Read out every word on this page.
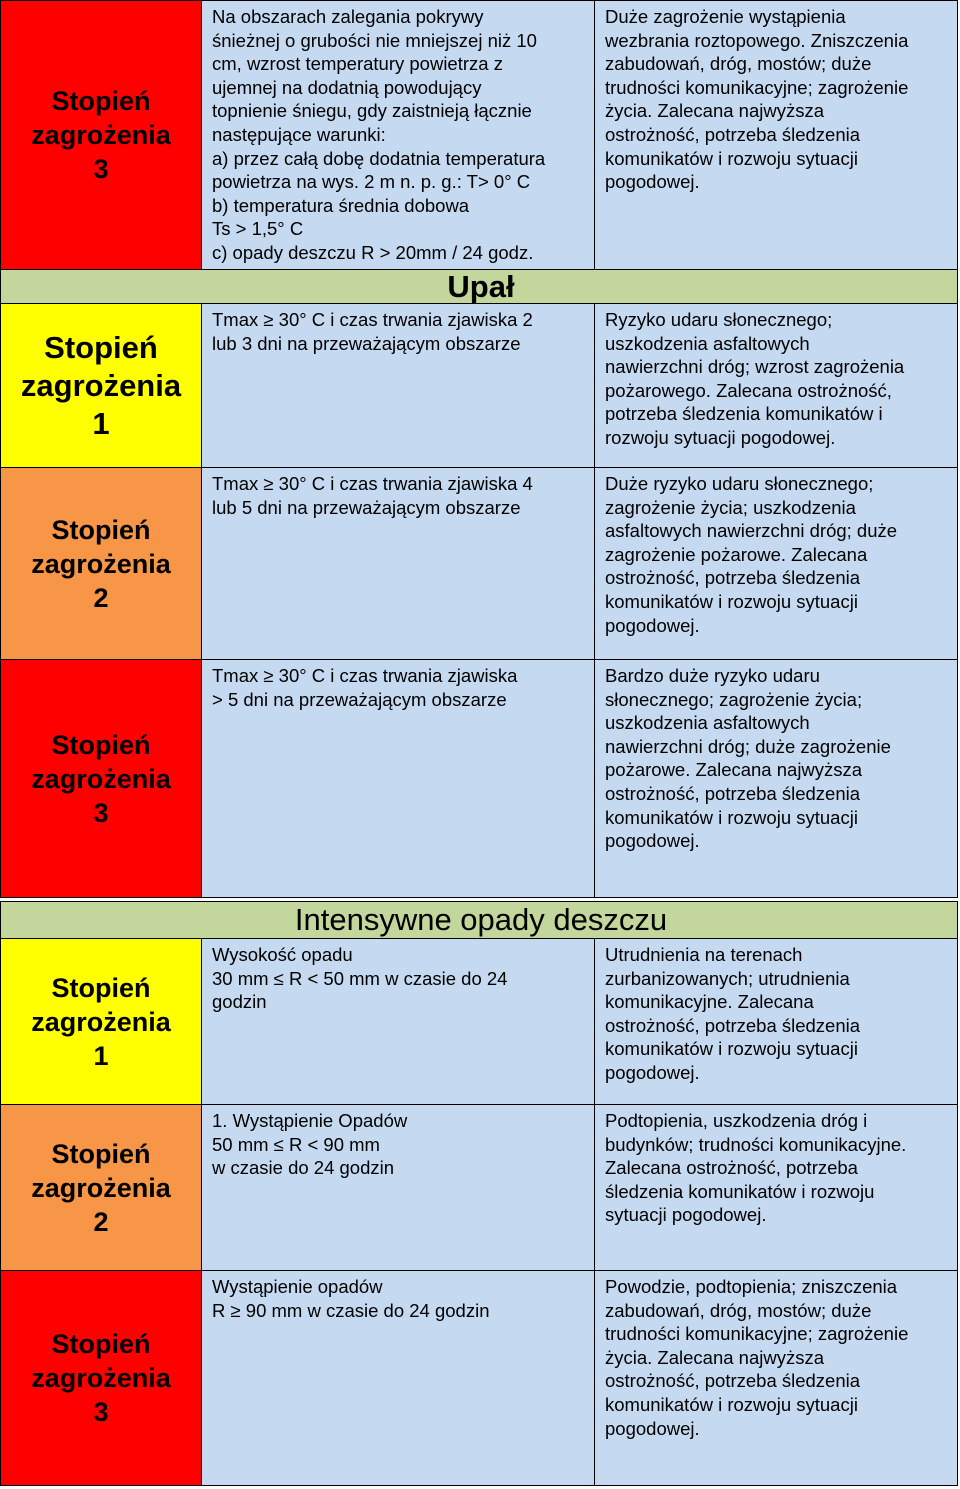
Stopień
zagrożenia
3
Na obszarach zalegania pokrywy
śnieżnej o grubości nie mniejszej niż 10
cm, wzrost temperatury powietrza z
ujemnej na dodatnią powodujący
topnienie śniegu, gdy zaistnieją łącznie
następujące warunki:
a) przez całą dobę dodatnia temperatura
powietrza na wys. 2 m n. p. g.: T> 0° C
b) temperatura średnia dobowa
Ts > 1,5° C
c) opady deszczu R > 20mm / 24 godz.
Duże zagrożenie wystąpienia
wezbrania roztopowego. Zniszczenia
zabudowań, dróg, mostów; duże
trudności komunikacyjne; zagrożenie
życia. Zalecana najwyższa
ostrożność, potrzeba śledzenia
komunikatów i rozwoju sytuacji
pogodowej.
Upał
Stopień
zagrożenia
1
Tmax ≥ 30° C i czas trwania zjawiska 2
lub 3 dni na przeważającym obszarze
Ryzyko udaru słonecznego;
uszkodzenia asfaltowych
nawierzchni dróg; wzrost zagrożenia
pożarowego. Zalecana ostrożność,
potrzeba śledzenia komunikatów i
rozwoju sytuacji pogodowej.
Stopień
zagrożenia
2
Tmax ≥ 30° C i czas trwania zjawiska 4
lub 5 dni na przeważającym obszarze
Duże ryzyko udaru słonecznego;
zagrożenie życia; uszkodzenia
asfaltowych nawierzchni dróg; duże
zagrożenie pożarowe. Zalecana
ostrożność, potrzeba śledzenia
komunikatów i rozwoju sytuacji
pogodowej.
Stopień
zagrożenia
3
Tmax ≥ 30° C i czas trwania zjawiska
> 5 dni na przeważającym obszarze
Bardzo duże ryzyko udaru
słonecznego; zagrożenie życia;
uszkodzenia asfaltowych
nawierzchni dróg; duże zagrożenie
pożarowe. Zalecana najwyższa
ostrożność, potrzeba śledzenia
komunikatów i rozwoju sytuacji
pogodowej.
Intensywne opady deszczu
Stopień
zagrożenia
1
Wysokość opadu
30 mm ≤ R < 50 mm w czasie do 24
godzin
Utrudnienia na terenach
zurbanizowanych; utrudnienia
komunikacyjne. Zalecana
ostrożność, potrzeba śledzenia
komunikatów i rozwoju sytuacji
pogodowej.
Stopień
zagrożenia
2
1. Wystąpienie Opadów
50 mm ≤ R < 90 mm
w czasie do 24 godzin
Podtopienia, uszkodzenia dróg i
budynków; trudności komunikacyjne.
Zalecana ostrożność, potrzeba
śledzenia komunikatów i rozwoju
sytuacji pogodowej.
Stopień
zagrożenia
3
Wystąpienie opadów
R ≥ 90 mm w czasie do 24 godzin
Powodzie, podtopienia; zniszczenia
zabudowań, dróg, mostów; duże
trudności komunikacyjne; zagrożenie
życia. Zalecana najwyższa
ostrożność, potrzeba śledzenia
komunikatów i rozwoju sytuacji
pogodowej.
